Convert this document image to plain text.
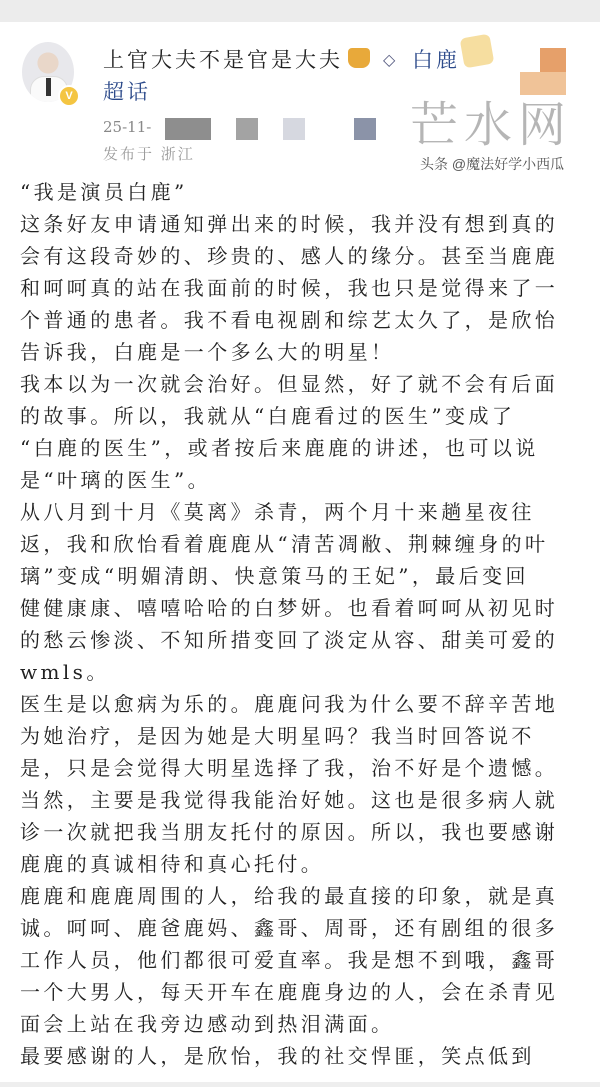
V
上官大夫不是官是大夫	◇ 白鹿
超话
25-11-
发布于 浙江
芒水网
头条 @魔法好学小西瓜
“我是演员白鹿”
这条好友申请通知弹出来的时候，我并没有想到真的
会有这段奇妙的、珍贵的、感人的缘分。甚至当鹿鹿
和呵呵真的站在我面前的时候，我也只是觉得来了一
个普通的患者。我不看电视剧和综艺太久了，是欣怡
告诉我，白鹿是一个多么大的明星！
我本以为一次就会治好。但显然，好了就不会有后面
的故事。所以，我就从“白鹿看过的医生”变成了
“白鹿的医生”，或者按后来鹿鹿的讲述，也可以说
是“叶璃的医生”。
从八月到十月《莫离》杀青，两个月十来趟星夜往
返，我和欣怡看着鹿鹿从“清苦凋敝、荆棘缠身的叶
璃”变成“明媚清朗、快意策马的王妃”，最后变回
健健康康、嘻嘻哈哈的白梦妍。也看着呵呵从初见时
的愁云惨淡、不知所措变回了淡定从容、甜美可爱的
wmls。
医生是以愈病为乐的。鹿鹿问我为什么要不辞辛苦地
为她治疗，是因为她是大明星吗？我当时回答说不
是，只是会觉得大明星选择了我，治不好是个遗憾。
当然，主要是我觉得我能治好她。这也是很多病人就
诊一次就把我当朋友托付的原因。所以，我也要感谢
鹿鹿的真诚相待和真心托付。
鹿鹿和鹿鹿周围的人，给我的最直接的印象，就是真
诚。呵呵、鹿爸鹿妈、鑫哥、周哥，还有剧组的很多
工作人员，他们都很可爱直率。我是想不到哦，鑫哥
一个大男人，每天开车在鹿鹿身边的人，会在杀青见
面会上站在我旁边感动到热泪满面。
最要感谢的人，是欣怡，我的社交悍匪，笑点低到
